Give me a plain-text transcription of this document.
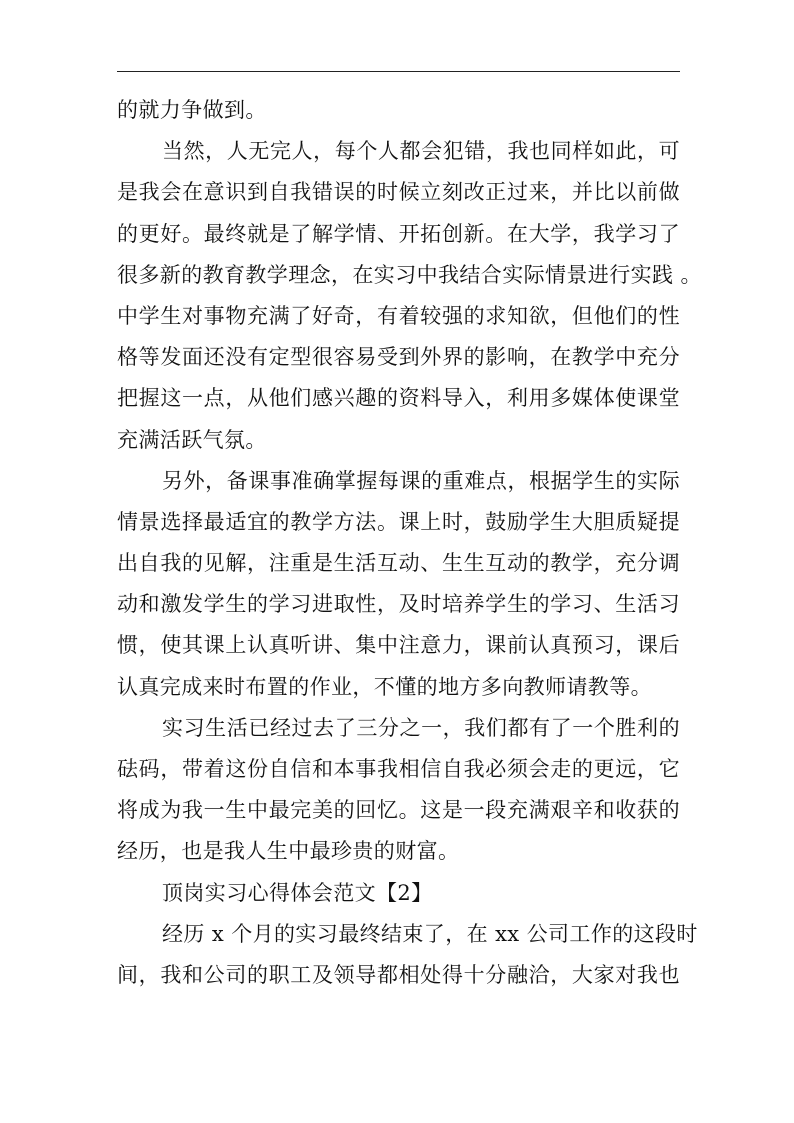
的就力争做到。
当然，人无完人，每个人都会犯错，我也同样如此，可
是我会在意识到自我错误的时候立刻改正过来，并比以前做
的更好。最终就是了解学情、开拓创新。在大学，我学习了
很多新的教育教学理念，在实习中我结合实际情景进行实践 。
中学生对事物充满了好奇，有着较强的求知欲，但他们的性
格等发面还没有定型很容易受到外界的影响，在教学中充分
把握这一点，从他们感兴趣的资料导入，利用多媒体使课堂
充满活跃气氛。
另外，备课事准确掌握每课的重难点，根据学生的实际
情景选择最适宜的教学方法。课上时，鼓励学生大胆质疑提
出自我的见解，注重是生活互动、生生互动的教学，充分调
动和激发学生的学习进取性，及时培养学生的学习、生活习
惯，使其课上认真听讲、集中注意力，课前认真预习，课后
认真完成来时布置的作业，不懂的地方多向教师请教等。
实习生活已经过去了三分之一，我们都有了一个胜利的
砝码，带着这份自信和本事我相信自我必须会走的更远，它
将成为我一生中最完美的回忆。这是一段充满艰辛和收获的
经历，也是我人生中最珍贵的财富。
顶岗实习心得体会范文【2】
经历 x 个月的实习最终结束了，在 xx 公司工作的这段时
间，我和公司的职工及领导都相处得十分融洽，大家对我也
